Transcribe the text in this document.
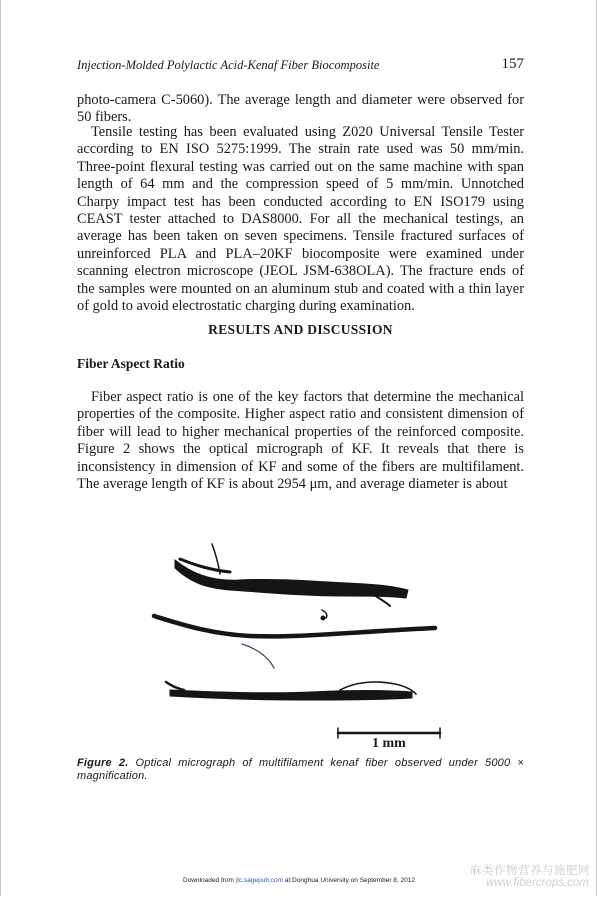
Injection-Molded Polylactic Acid-Kenaf Fiber Biocomposite	157
photo-camera C-5060). The average length and diameter were observed for 50 fibers.
Tensile testing has been evaluated using Z020 Universal Tensile Tester according to EN ISO 5275:1999. The strain rate used was 50 mm/min. Three-point flexural testing was carried out on the same machine with span length of 64 mm and the compression speed of 5 mm/min. Unnotched Charpy impact test has been conducted according to EN ISO179 using CEAST tester attached to DAS8000. For all the mechanical testings, an average has been taken on seven specimens. Tensile fractured surfaces of unreinforced PLA and PLA–20KF biocomposite were examined under scanning electron microscope (JEOL JSM-638OLA). The fracture ends of the samples were mounted on an aluminum stub and coated with a thin layer of gold to avoid electrostatic charging during examination.
RESULTS AND DISCUSSION
Fiber Aspect Ratio
Fiber aspect ratio is one of the key factors that determine the mechanical properties of the composite. Higher aspect ratio and consistent dimension of fiber will lead to higher mechanical properties of the reinforced composite. Figure 2 shows the optical micrograph of KF. It reveals that there is inconsistency in dimension of KF and some of the fibers are multifilament. The average length of KF is about 2954 μm, and average diameter is about
1 mm
Figure 2. Optical micrograph of multifilament kenaf fiber observed under 5000 × magnification.
Downloaded from jtc.sagepub.com at Donghua University on September 8, 2012
麻类作物营养与施肥网
www.fibercrops.com
